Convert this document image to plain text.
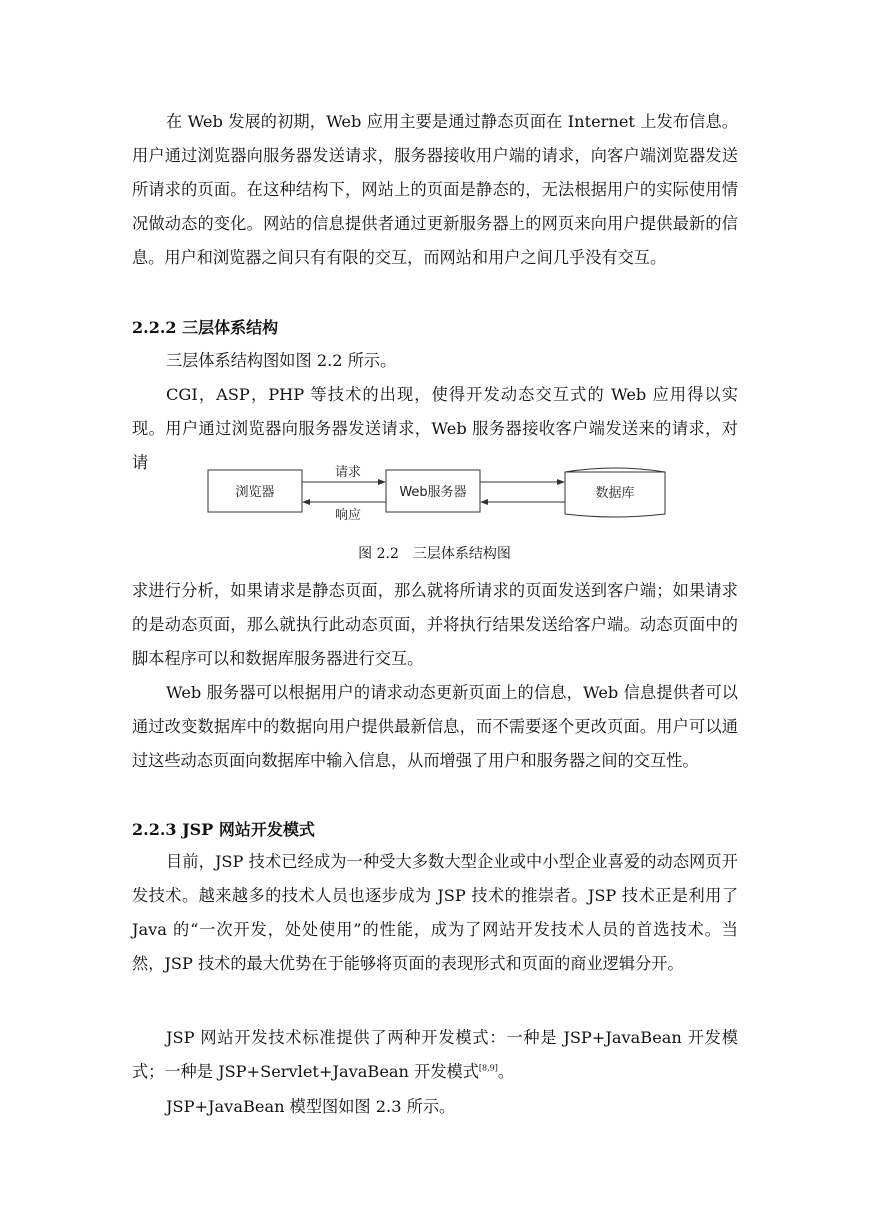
在 Web 发展的初期，Web 应用主要是通过静态页面在 Internet 上发布信息。用户通过浏览器向服务器发送请求，服务器接收用户端的请求，向客户端浏览器发送所请求的页面。在这种结构下，网站上的页面是静态的，无法根据用户的实际使用情况做动态的变化。网站的信息提供者通过更新服务器上的网页来向用户提供最新的信息。用户和浏览器之间只有有限的交互，而网站和用户之间几乎没有交互。

2.2.2 三层体系结构

三层体系结构图如图 2.2 所示。

CGI，ASP，PHP 等技术的出现，使得开发动态交互式的 Web 应用得以实现。用户通过浏览器向服务器发送请求，Web 服务器接收客户端发送来的请求，对请

浏览器	Web服务器	数据库
请求
响应
图 2.2　三层体系结构图

求进行分析，如果请求是静态页面，那么就将所请求的页面发送到客户端；如果请求的是动态页面，那么就执行此动态页面，并将执行结果发送给客户端。动态页面中的脚本程序可以和数据库服务器进行交互。

Web 服务器可以根据用户的请求动态更新页面上的信息，Web 信息提供者可以通过改变数据库中的数据向用户提供最新信息，而不需要逐个更改页面。用户可以通过这些动态页面向数据库中输入信息，从而增强了用户和服务器之间的交互性。

2.2.3 JSP 网站开发模式

目前，JSP 技术已经成为一种受大多数大型企业或中小型企业喜爱的动态网页开发技术。越来越多的技术人员也逐步成为 JSP 技术的推崇者。JSP 技术正是利用了 Java 的“一次开发，处处使用”的性能，成为了网站开发技术人员的首选技术。当然，JSP 技术的最大优势在于能够将页面的表现形式和页面的商业逻辑分开。

JSP 网站开发技术标准提供了两种开发模式：一种是 JSP+JavaBean 开发模式；一种是 JSP+Servlet+JavaBean 开发模式[8,9]。

JSP+JavaBean 模型图如图 2.3 所示。
